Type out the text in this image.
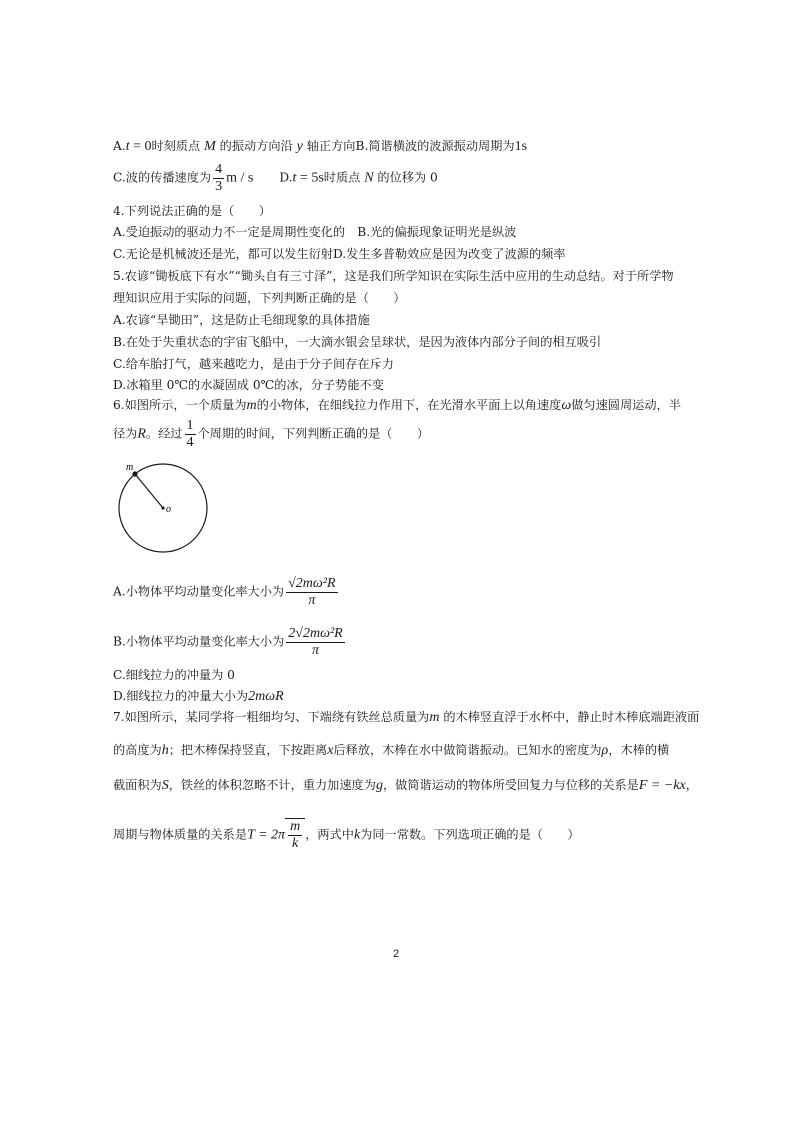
A.t = 0时刻质点 M 的振动方向沿 y 轴正方向B.简谐横波的波源振动周期为1s
C.波的传播速度为 $\frac{4}{3}$ m / s D.t = 5s时质点 N 的位移为 0
4.下列说法正确的是（　　）
A.受迫振动的驱动力不一定是周期性变化的　 B.光的偏振现象证明光是纵波
C.无论是机械波还是光，都可以发生衍射D.发生多普勒效应是因为改变了波源的频率
5.农谚“锄板底下有水”“锄头自有三寸泽”，这是我们所学知识在实际生活中应用的生动总结。对于所学物
理知识应用于实际的问题，下列判断正确的是（　　）
A.农谚“旱锄田”，这是防止毛细现象的具体措施
B.在处于失重状态的宇宙飞船中，一大滴水银会呈球状，是因为液体内部分子间的相互吸引
C.给车胎打气，越来越吃力，是由于分子间存在斥力
D.冰箱里 0℃的水凝固成 0℃的冰，分子势能不变
6.如图所示，一个质量为m的小物体，在细线拉力作用下，在光滑水平面上以角速度ω做匀速圆周运动，半
径为R。经过 $\frac{1}{4}$ 个周期的时间，下列判断正确的是（　　）
m
o
A.小物体平均动量变化率大小为 $\frac{\text{√2mω²R}}{\pi}$
B.小物体平均动量变化率大小为 $\frac{\text{2√2mω²R}}{\pi}$
C.细线拉力的冲量为 0
D.细线拉力的冲量大小为2mωR
7.如图所示，某同学将一粗细均匀、下端绕有铁丝总质量为m 的木棒竖直浮于水杯中，静止时木棒底端距液面
的高度为h；把木棒保持竖直，下按距离x后释放，木棒在水中做简谐振动。已知水的密度为ρ，木棒的横
截面积为S，铁丝的体积忽略不计，重力加速度为g，做简谐运动的物体所受回复力与位移的关系是F = −kx，
周期与物体质量的关系是$T = 2\pi \frac{m}{k}$ ，两式中k为同一常数。下列选项正确的是（　　）
2
